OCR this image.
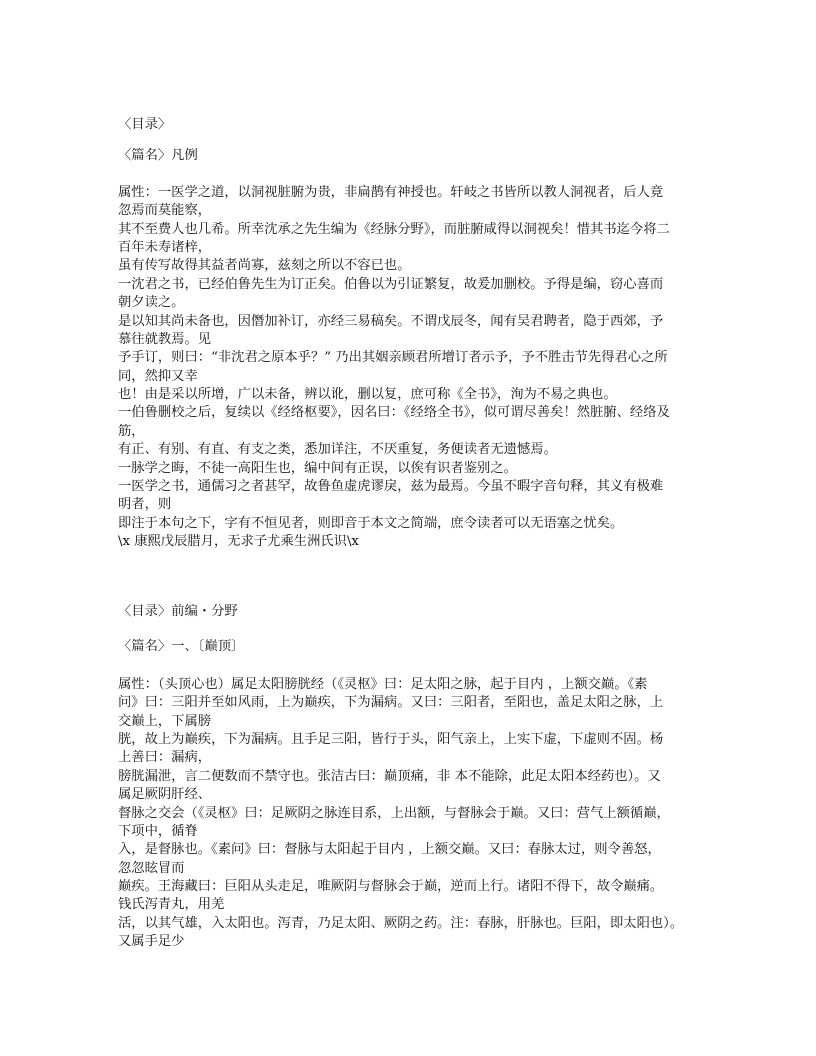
〈目录〉
〈篇名〉凡例
属性：一医学之道，以洞视脏腑为贵，非扁鹊有神授也。轩岐之书皆所以教人洞视者，后人竟
忽焉而莫能察，
其不至费人也几希。所幸沈承之先生编为《经脉分野》，而脏腑咸得以洞视矣！惜其书迄今将二
百年未寿诸梓，
虽有传写故得其益者尚寡，兹刻之所以不容已也。
一沈君之书，已经伯鲁先生为订正矣。伯鲁以为引证繁复，故爰加删校。予得是编，窃心喜而
朝夕读之。
是以知其尚未备也，因僭加补订，亦经三易稿矣。不谓戊辰冬，闻有吴君聘者，隐于西郊，予
慕往就教焉。见
予手订，则曰：“非沈君之原本乎？” 乃出其姻亲顾君所增订者示予，予不胜击节先得君心之所
同，然抑又幸
也！由是采以所增，广以未备，辨以讹，删以复，庶可称《全书》，洵为不易之典也。
一伯鲁删校之后，复续以《经络枢要》，因名曰：《经络全书》，似可谓尽善矣！然脏腑、经络及
筋，
有正、有别、有直、有支之类，悉加详注，不厌重复，务便读者无遗憾焉。
一脉学之晦，不徒一高阳生也，编中间有正误，以俟有识者鉴别之。
一医学之书，通儒习之者甚罕，故鲁鱼虚虎谬戾，兹为最焉。今虽不暇字音句释，其义有极难
明者，则
即注于本句之下，字有不恒见者，则即音于本文之简端，庶令读者可以无语塞之忧矣。
\x 康熙戊辰腊月，无求子尤乘生洲氏识\x
〈目录〉前编・分野
〈篇名〉一、〔巅顶〕
属性：（头顶心也）属足太阳膀胱经（《灵枢》曰：足太阳之脉，起于目内 ，上额交巅。《素
问》曰：三阳并至如风雨，上为巅疾，下为漏病。又曰：三阳者，至阳也，盖足太阳之脉，上
交巅上，下属膀
胱，故上为巅疾，下为漏病。且手足三阳，皆行于头，阳气亲上，上实下虚，下虚则不固。杨
上善曰：漏病，
膀胱漏泄，言二便数而不禁守也。张洁古曰：巅顶痛，非 本不能除，此足太阳本经药也）。又
属足厥阴肝经、
督脉之交会（《灵枢》曰：足厥阴之脉连目系，上出额，与督脉会于巅。又曰：营气上额循巅，
下项中，循脊
入，是督脉也。《素问》曰：督脉与太阳起于目内 ，上额交巅。又曰：春脉太过，则令善怒，
忽忽眩冒而
巅疾。王海藏曰：巨阳从头走足，唯厥阴与督脉会于巅，逆而上行。诸阳不得下，故令巅痛。
钱氏泻青丸，用羌
活，以其气雄，入太阳也。泻青，乃足太阳、厥阴之药。注：春脉，肝脉也。巨阳，即太阳也）。
又属手足少
